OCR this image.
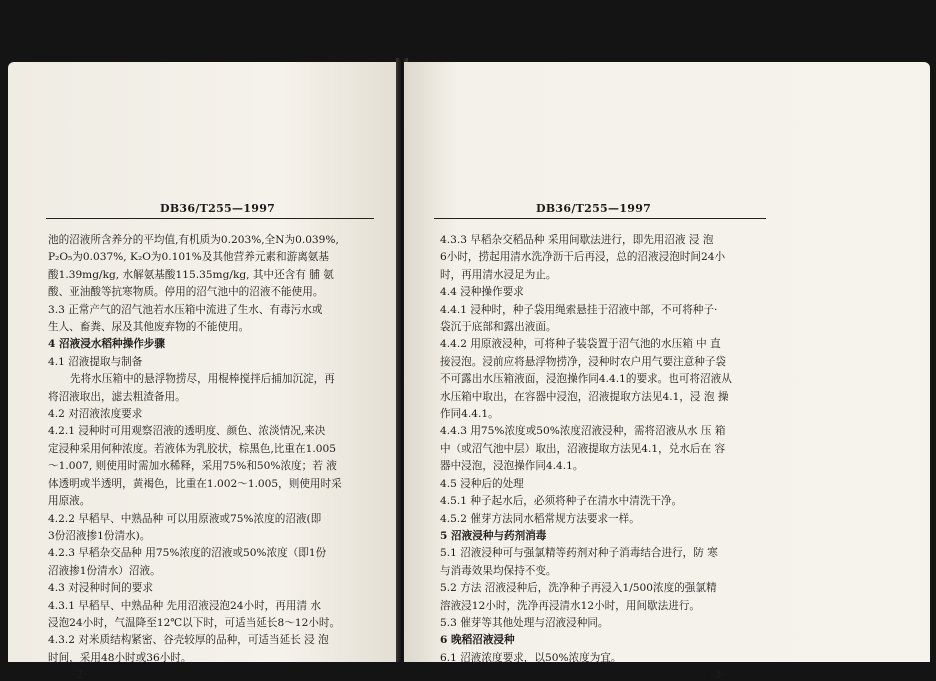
DB36/T255—1997
池的沼液所含养分的平均值,有机质为0.203%,全N为0.039%,
P₂O₅为0.037%, K₂O为0.101%及其他营养元素和游离氨基
酸1.39mg/kg, 水解氨基酸115.35mg/kg, 其中还含有 脯 氨
酸、亚油酸等抗寒物质。停用的沼气池中的沼液不能使用。
3.3 正常产气的沼气池若水压箱中流进了生水、有毒污水或
生人、畜粪、尿及其他废弃物的不能使用。
4 沼液浸水稻种操作步骤
4.1 沼液提取与制备
先将水压箱中的悬浮物捞尽，用棍棒搅拌后捕加沉淀，再
将沼液取出，滤去粗渣备用。
4.2 对沼液浓度要求
4.2.1 浸种时可用观察沼液的透明度、颜色、浓淡情况,来决
定浸种采用何种浓度。若液体为乳胶状，棕黑色,比重在1.005
～1.007, 则使用时需加水稀释，采用75%和50%浓度；若 液
体透明或半透明，黄褐色，比重在1.002～1.005，则使用时采
用原液。
4.2.2 早稻早、中熟品种 可以用原液或75%浓度的沼液(即
3份沼液掺1份清水)。
4.2.3 早稻杂交品种 用75%浓度的沼液或50%浓度（即1份
沼液掺1份清水）沼液。
4.3 对浸种时间的要求
4.3.1 早稻早、中熟品种 先用沼液浸泡24小时，再用清 水
浸泡24小时，气温降至12℃以下时，可适当延长8～12小时。
4.3.2 对米质结构紧密、谷壳较厚的品种，可适当延长 浸 泡
时间，采用48小时或36小时。
·2·
DB36/T255—1997
4.3.3 早稻杂交稻品种 采用间歇法进行，即先用沼液 浸 泡
6小时，捞起用清水洗净沥干后再浸，总的沼液浸泡时间24小
时，再用清水浸足为止。
4.4 浸种操作要求
4.4.1 浸种时，种子袋用绳索悬挂于沼液中部，不可将种子·
袋沉于底部和露出液面。
4.4.2 用原液浸种，可将种子装袋置于沼气池的水压箱 中 直
接浸泡。浸前应将悬浮物捞净，浸种时农户用气要注意种子袋
不可露出水压箱液面，浸泡操作同4.4.1的要求。也可将沼液从
水压箱中取出，在容器中浸泡，沼液提取方法见4.1，浸 泡 操
作同4.4.1。
4.4.3 用75%浓度或50%浓度沼液浸种，需将沼液从水 压 箱
中（或沼气池中层）取出，沼液提取方法见4.1，兑水后在 容
器中浸泡，浸泡操作同4.4.1。
4.5 浸种后的处理
4.5.1 种子起水后，必须将种子在清水中清洗干净。
4.5.2 催芽方法同水稻常规方法要求一样。
5 沼液浸种与药剂消毒
5.1 沼液浸种可与强氯精等药剂对种子消毒结合进行，防 寒
与消毒效果均保持不变。
5.2 方法 沼液浸种后，洗净种子再浸入1/500浓度的强氯精
溶液浸12小时，洗净再浸清水12小时，用间歇法进行。
5.3 催芽等其他处理与沼液浸种同。
6 晚稻沼液浸种
6.1 沼液浓度要求，以50%浓度为宜。
·3·
